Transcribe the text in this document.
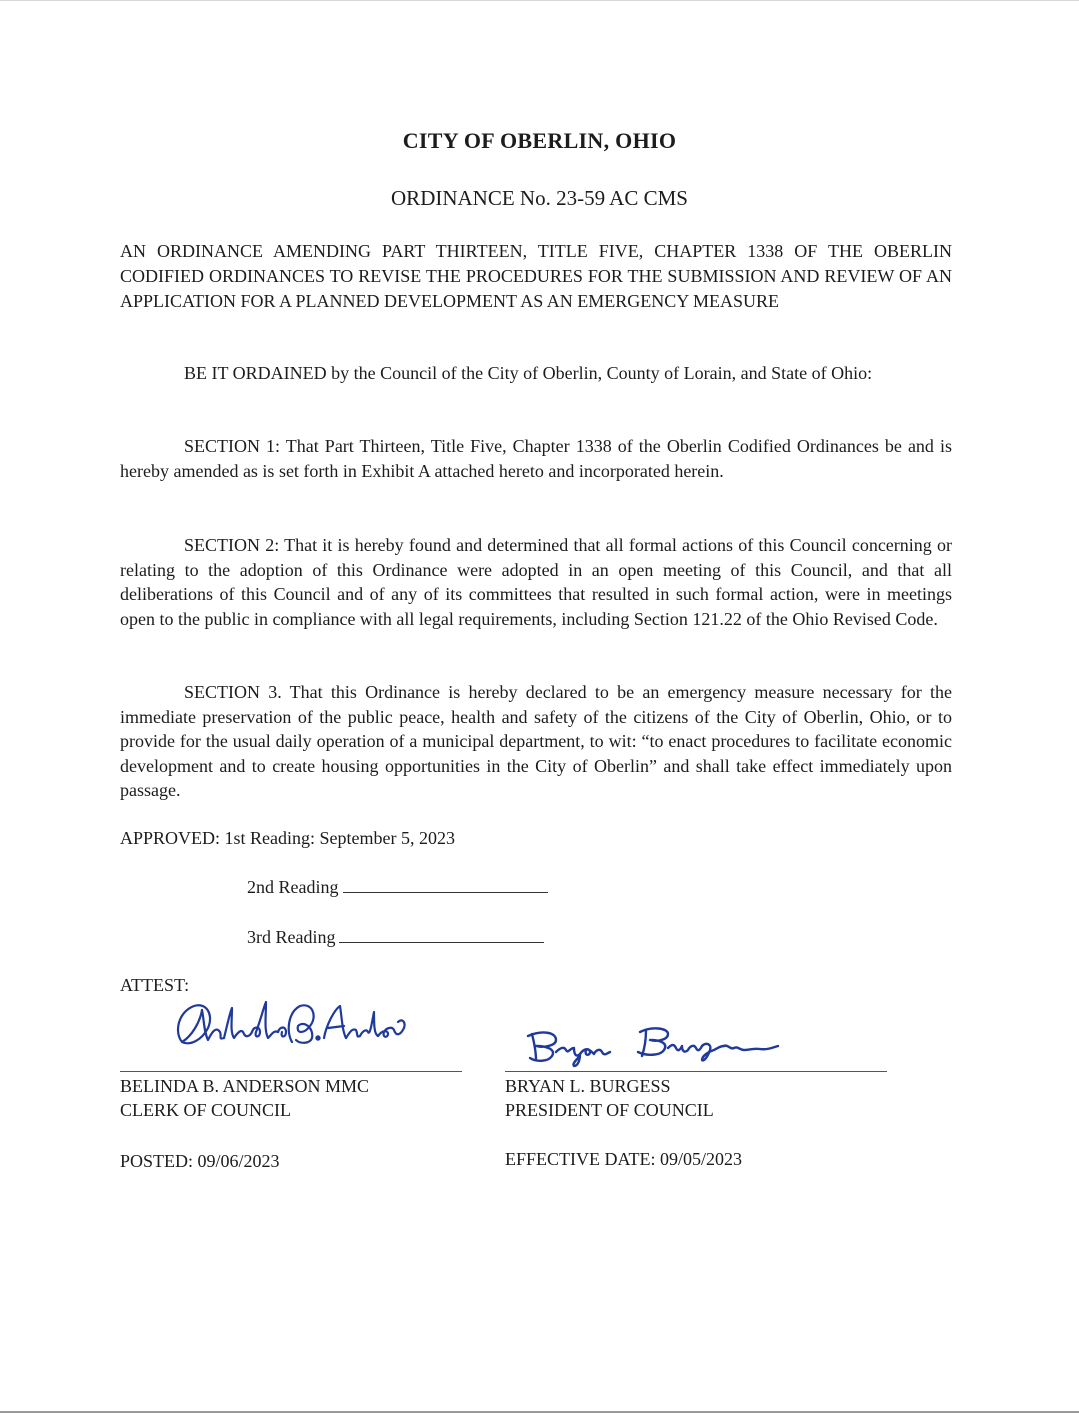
CITY OF OBERLIN, OHIO
ORDINANCE No. 23-59 AC CMS
AN ORDINANCE AMENDING PART THIRTEEN, TITLE FIVE, CHAPTER 1338 OF THE OBERLIN CODIFIED ORDINANCES TO REVISE THE PROCEDURES FOR THE SUBMISSION AND REVIEW OF AN APPLICATION FOR A PLANNED DEVELOPMENT AS AN EMERGENCY MEASURE

BE IT ORDAINED by the Council of the City of Oberlin, County of Lorain, and State of Ohio:

SECTION 1: That Part Thirteen, Title Five, Chapter 1338 of the Oberlin Codified Ordinances be and is hereby amended as is set forth in Exhibit A attached hereto and incorporated herein.

SECTION 2: That it is hereby found and determined that all formal actions of this Council concerning or relating to the adoption of this Ordinance were adopted in an open meeting of this Council, and that all deliberations of this Council and of any of its committees that resulted in such formal action, were in meetings open to the public in compliance with all legal requirements, including Section 121.22 of the Ohio Revised Code.

SECTION 3. That this Ordinance is hereby declared to be an emergency measure necessary for the immediate preservation of the public peace, health and safety of the citizens of the City of Oberlin, Ohio, or to provide for the usual daily operation of a municipal department, to wit: “to enact procedures to facilitate economic development and to create housing opportunities in the City of Oberlin” and shall take effect immediately upon passage.

APPROVED: 1st Reading: September 5, 2023
2nd Reading
3rd Reading
ATTEST:
BELINDA B. ANDERSON MMC
CLERK OF COUNCIL
BRYAN L. BURGESS
PRESIDENT OF COUNCIL
POSTED: 09/06/2023	EFFECTIVE DATE: 09/05/2023
